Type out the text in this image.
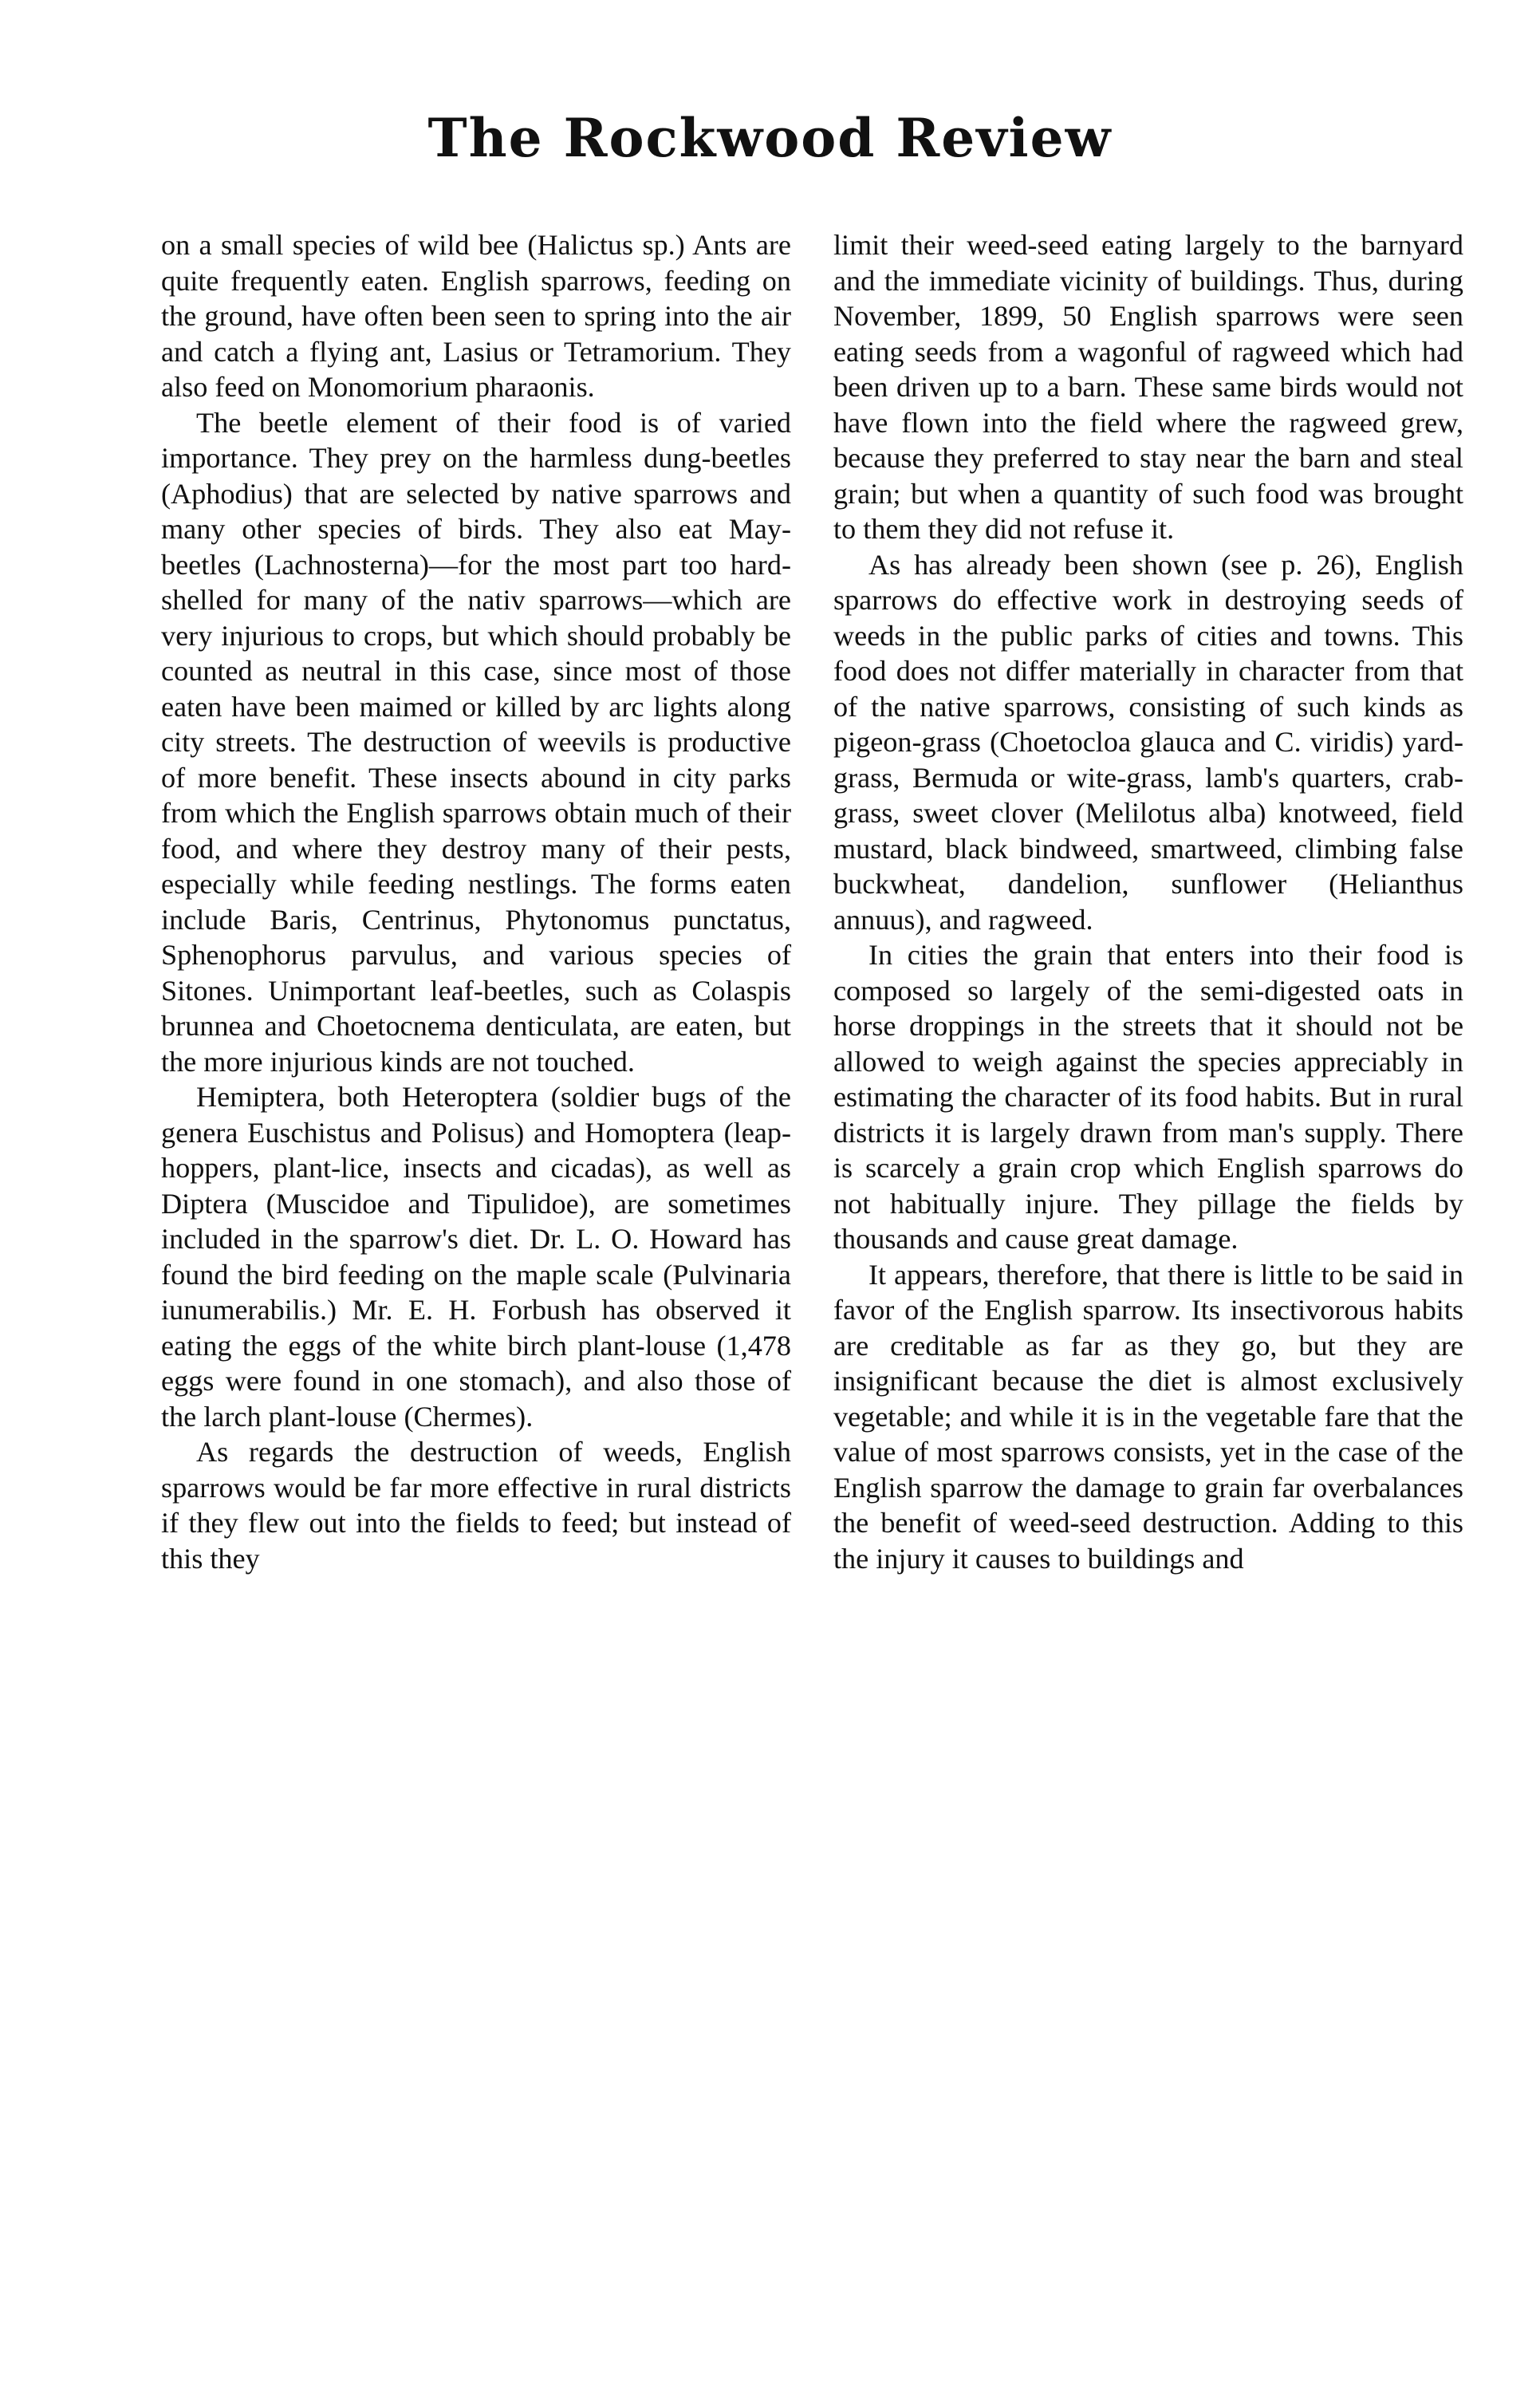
The Rockwood Review

on a small species of wild bee (Halictus sp.) Ants are quite frequently eaten. English sparrows, feeding on the ground, have often been seen to spring into the air and catch a flying ant, Lasius or Tetramorium. They also feed on Monomorium pharaonis.

The beetle element of their food is of varied importance. They prey on the harmless dung-beetles (Aphodius) that are selected by native sparrows and many other species of birds. They also eat May-beetles (Lachnosterna)—for the most part too hard-shelled for many of the nativ sparrows—which are very injurious to crops, but which should probably be counted as neutral in this case, since most of those eaten have been maimed or killed by arc lights along city streets. The destruction of weevils is productive of more benefit. These insects abound in city parks from which the English sparrows obtain much of their food, and where they destroy many of their pests, especially while feeding nestlings. The forms eaten include Baris, Centrinus, Phytonomus punctatus, Sphenophorus parvulus, and various species of Sitones. Unimportant leaf-beetles, such as Colaspis brunnea and Choetocnema denticulata, are eaten, but the more injurious kinds are not touched.

Hemiptera, both Heteroptera (soldier bugs of the genera Euschistus and Polisus) and Homoptera (leap-hoppers, plant-lice, insects and cicadas), as well as Diptera (Muscidoe and Tipulidoe), are sometimes included in the sparrow's diet. Dr. L. O. Howard has found the bird feeding on the maple scale (Pulvinaria iunumerabilis.) Mr. E. H. Forbush has observed it eating the eggs of the white birch plant-louse (1,478 eggs were found in one stomach), and also those of the larch plant-louse (Chermes).

As regards the destruction of weeds, English sparrows would be far more effective in rural districts if they flew out into the fields to feed; but instead of this they

limit their weed-seed eating largely to the barnyard and the immediate vicinity of buildings. Thus, during November, 1899, 50 English sparrows were seen eating seeds from a wagonful of ragweed which had been driven up to a barn. These same birds would not have flown into the field where the ragweed grew, because they preferred to stay near the barn and steal grain; but when a quantity of such food was brought to them they did not refuse it.

As has already been shown (see p. 26), English sparrows do effective work in destroying seeds of weeds in the public parks of cities and towns. This food does not differ materially in character from that of the native sparrows, consisting of such kinds as pigeon-grass (Choetocloa glauca and C. viridis) yard-grass, Bermuda or wite-grass, lamb's quarters, crab-grass, sweet clover (Melilotus alba) knotweed, field mustard, black bindweed, smartweed, climbing false buckwheat, dandelion, sunflower (Helianthus annuus), and ragweed.

In cities the grain that enters into their food is composed so largely of the semi-digested oats in horse droppings in the streets that it should not be allowed to weigh against the species appreciably in estimating the character of its food habits. But in rural districts it is largely drawn from man's supply. There is scarcely a grain crop which English sparrows do not habitually injure. They pillage the fields by thousands and cause great damage.

It appears, therefore, that there is little to be said in favor of the English sparrow. Its insectivorous habits are creditable as far as they go, but they are insignificant because the diet is almost exclusively vegetable; and while it is in the vegetable fare that the value of most sparrows consists, yet in the case of the English sparrow the damage to grain far overbalances the benefit of weed-seed destruction. Adding to this the injury it causes to buildings and
